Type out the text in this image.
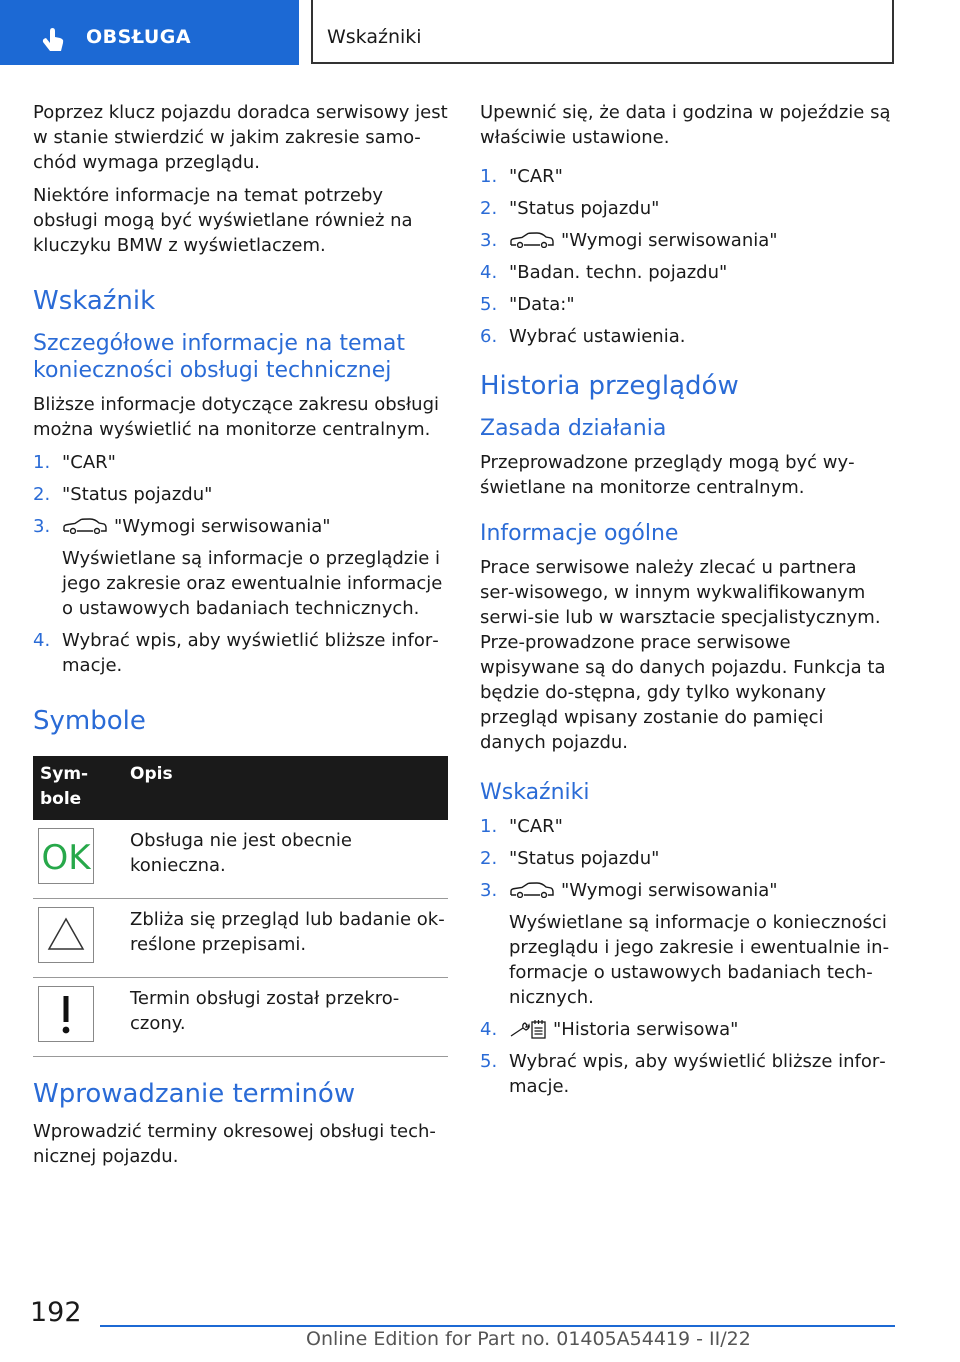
OBSŁUGA	Wskaźniki

Poprzez klucz pojazdu doradca serwisowy jest w stanie stwierdzić w jakim zakresie samo‐chód wymaga przeglądu.

Niektóre informacje na temat potrzeby obsługi mogą być wyświetlane również na kluczyku BMW z wyświetlaczem.

Wskaźnik
Szczegółowe informacje na temat konieczności obsługi technicznej

Bliższe informacje dotyczące zakresu obsługi można wyświetlić na monitorze centralnym.

1. "CAR"
2. "Status pojazdu"
3.	"Wymogi serwisowania"
Wyświetlane są informacje o przeglądzie i jego zakresie oraz ewentualnie informacje o ustawowych badaniach technicznych.
4. Wybrać wpis, aby wyświetlić bliższe infor‐macje.
Symbole
Sym‐bole	Opis

OK	Obsługa nie jest obecnie konieczna.

	Zbliża się przegląd lub badanie ok‐reślone przepisami.

	Termin obsługi został przekro‐czony.
Wprowadzanie terminów

Wprowadzić terminy okresowej obsługi tech‐nicznej pojazdu.

Upewnić się, że data i godzina w pojeździe są właściwie ustawione.

1. "CAR"
2. "Status pojazdu"
3.	"Wymogi serwisowania"
4. "Badan. techn. pojazdu"
5. "Data:"
6. Wybrać ustawienia.
Historia przeglądów
Zasada działania

Przeprowadzone przeglądy mogą być wy‐świetlane na monitorze centralnym.

Informacje ogólne

Prace serwisowe należy zlecać u partnera ser‐wisowego, w innym wykwalifikowanym serwi‐sie lub w warsztacie specjalistycznym. Prze‐prowadzone prace serwisowe wpisywane są do danych pojazdu. Funkcja ta będzie do‐stępna, gdy tylko wykonany przegląd wpisany zostanie do pamięci danych pojazdu.

Wskaźniki
1. "CAR"
2. "Status pojazdu"
3.	"Wymogi serwisowania"
Wyświetlane są informacje o konieczności przeglądu i jego zakresie i ewentualnie in‐formacje o ustawowych badaniach tech‐nicznych.
4.	"Historia serwisowa"
5. Wybrać wpis, aby wyświetlić bliższe infor‐macje.
192
Online Edition for Part no. 01405A54419 - II/22
